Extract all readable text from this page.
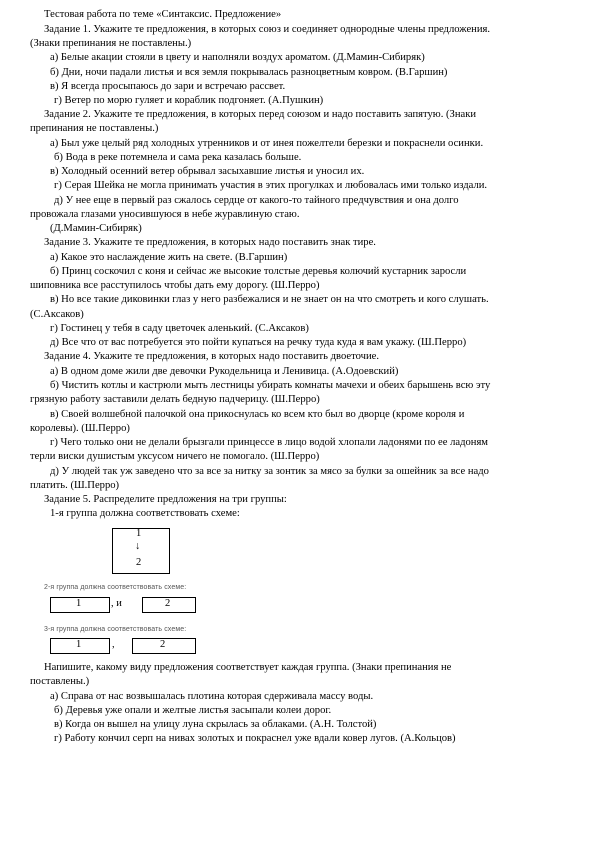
Тестовая работа по теме «Синтаксис. Предложение»
Задание 1. Укажите те предложения, в которых союз и соединяет однородные члены предложения.
(Знаки препинания не поставлены.)
а) Белые акации стояли в цвету и наполняли воздух ароматом. (Д.Мамин-Сибиряк)
б) Дни, ночи падали листья и вся земля покрывалась разноцветным ковром. (В.Гаршин)
в) Я всегда просыпаюсь до зари и встречаю рассвет.
г) Ветер по морю гуляет и кораблик подгоняет. (А.Пушкин)
Задание 2. Укажите те предложения, в которых перед союзом и надо поставить запятую. (Знаки
препинания не поставлены.)
а) Был уже целый ряд холодных утренников и от инея пожелтели березки и покраснели осинки.
б) Вода в реке потемнела и сама река казалась больше.
в) Холодный осенний ветер обрывал засыхавшие листья и уносил их.
г) Серая Шейка не могла принимать участия в этих прогулках и любовалась ими только издали.
д) У нее еще в первый раз сжалось сердце от какого-то тайного предчувствия и она долго
провожала глазами уносившуюся в небе журавлиную стаю.
(Д.Мамин-Сибиряк)
Задание 3. Укажите те предложения, в которых надо поставить знак тире.
а) Какое это наслаждение жить на свете. (В.Гаршин)
б) Принц соскочил с коня и сейчас же высокие толстые деревья колючий кустарник заросли
шиповника все расступилось чтобы дать ему дорогу. (Ш.Перро)
в) Но все такие диковинки глаз у него разбежалися и не знает он на что смотреть и кого слушать.
(С.Аксаков)
г) Гостинец у тебя в саду цветочек аленький. (С.Аксаков)
д) Все что от вас потребуется это пойти купаться на речку туда куда я вам укажу. (Ш.Перро)
Задание 4. Укажите те предложения, в которых надо поставить двоеточие.
а) В одном доме жили две девочки Рукодельница и Ленивица. (А.Одоевский)
б) Чистить котлы и кастрюли мыть лестницы убирать комнаты мачехи и обеих барышень всю эту
грязную работу заставили делать бедную падчерицу. (Ш.Перро)
в) Своей волшебной палочкой она прикоснулась ко всем кто был во дворце (кроме короля и
королевы). (Ш.Перро)
г) Чего только они не делали брызгали принцессе в лицо водой хлопали ладонями по ее ладоням
терли виски душистым уксусом ничего не помогало. (Ш.Перро)
д) У людей так уж заведено что за все за нитку за зонтик за мясо за булки за ошейник за все надо
платить. (Ш.Перро)
Задание 5. Распределите предложения на три группы:
1-я группа должна соответствовать схеме:
1
↓
2
2-я группа должна соответствовать схеме:
1	, и	2
3-я группа должна соответствовать схеме:
1	,	2
Напишите, какому виду предложения соответствует каждая группа. (Знаки препинания не
поставлены.)
а) Справа от нас возвышалась плотина которая сдерживала массу воды.
б) Деревья уже опали и желтые листья засыпали колеи дорог.
в) Когда он вышел на улицу луна скрылась за облаками. (А.Н. Толстой)
г) Работу кончил серп на нивах золотых и покраснел уже вдали ковер лугов. (А.Кольцов)
